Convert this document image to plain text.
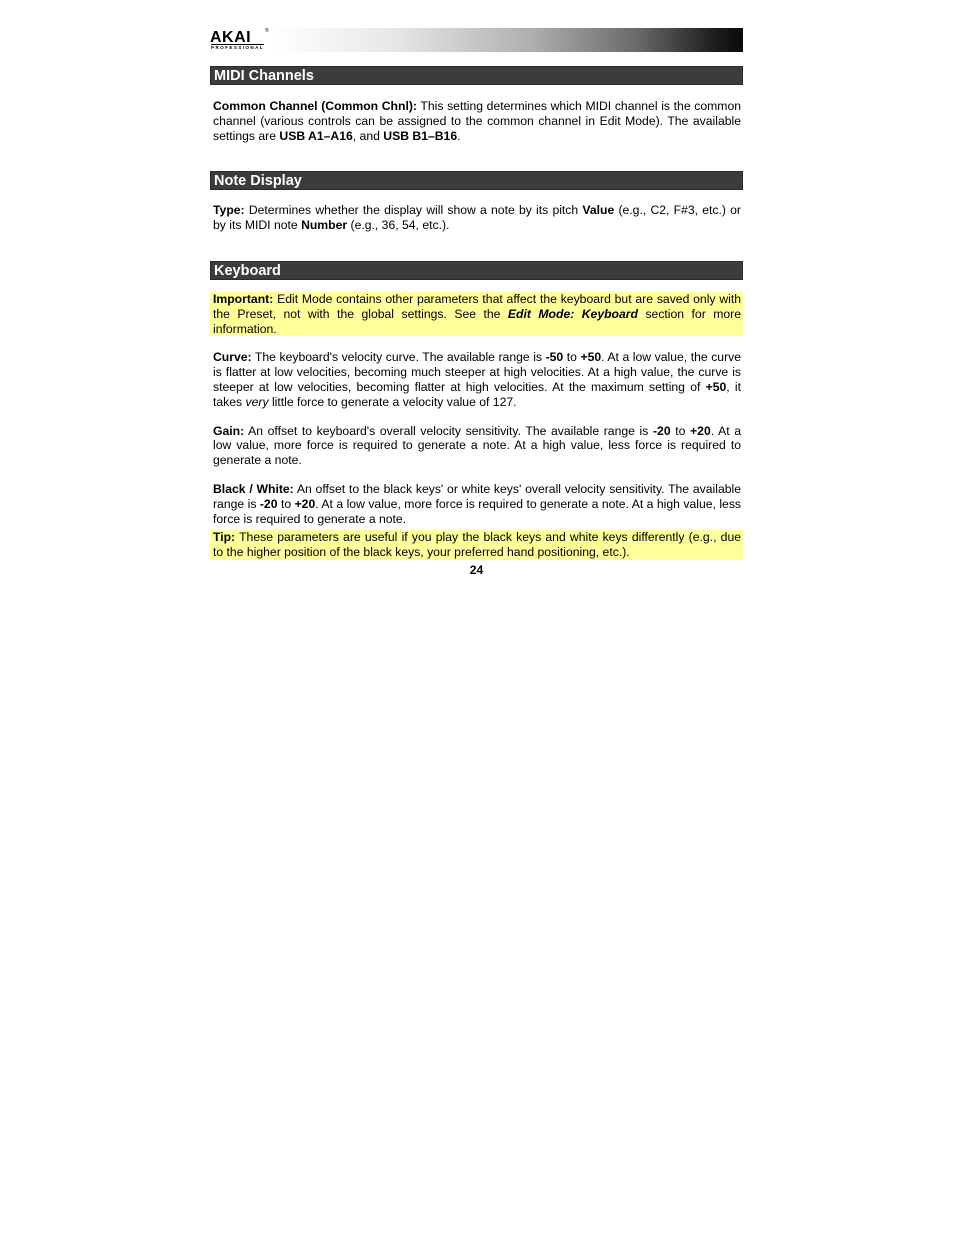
AKAI	®
PROFESSIONAL
MIDI Channels

Common Channel (Common Chnl): This setting determines which MIDI channel is the common channel (various controls can be assigned to the common channel in Edit Mode). The available settings are USB A1–A16, and USB B1–B16.

Note Display

Type: Determines whether the display will show a note by its pitch Value (e.g., C2, F#3, etc.) or by its MIDI note Number (e.g., 36, 54, etc.).

Keyboard

Important: Edit Mode contains other parameters that affect the keyboard but are saved only with the Preset, not with the global settings. See the Edit Mode: Keyboard section for more information.

Curve: The keyboard's velocity curve. The available range is -50 to +50. At a low value, the curve is flatter at low velocities, becoming much steeper at high velocities. At a high value, the curve is steeper at low velocities, becoming flatter at high velocities. At the maximum setting of +50, it takes very little force to generate a velocity value of 127.

Gain: An offset to keyboard's overall velocity sensitivity. The available range is -20 to +20. At a low value, more force is required to generate a note. At a high value, less force is required to generate a note.

Black / White: An offset to the black keys' or white keys' overall velocity sensitivity. The available range is -20 to +20. At a low value, more force is required to generate a note. At a high value, less force is required to generate a note.

Tip: These parameters are useful if you play the black keys and white keys differently (e.g., due to the higher position of the black keys, your preferred hand positioning, etc.).

24
